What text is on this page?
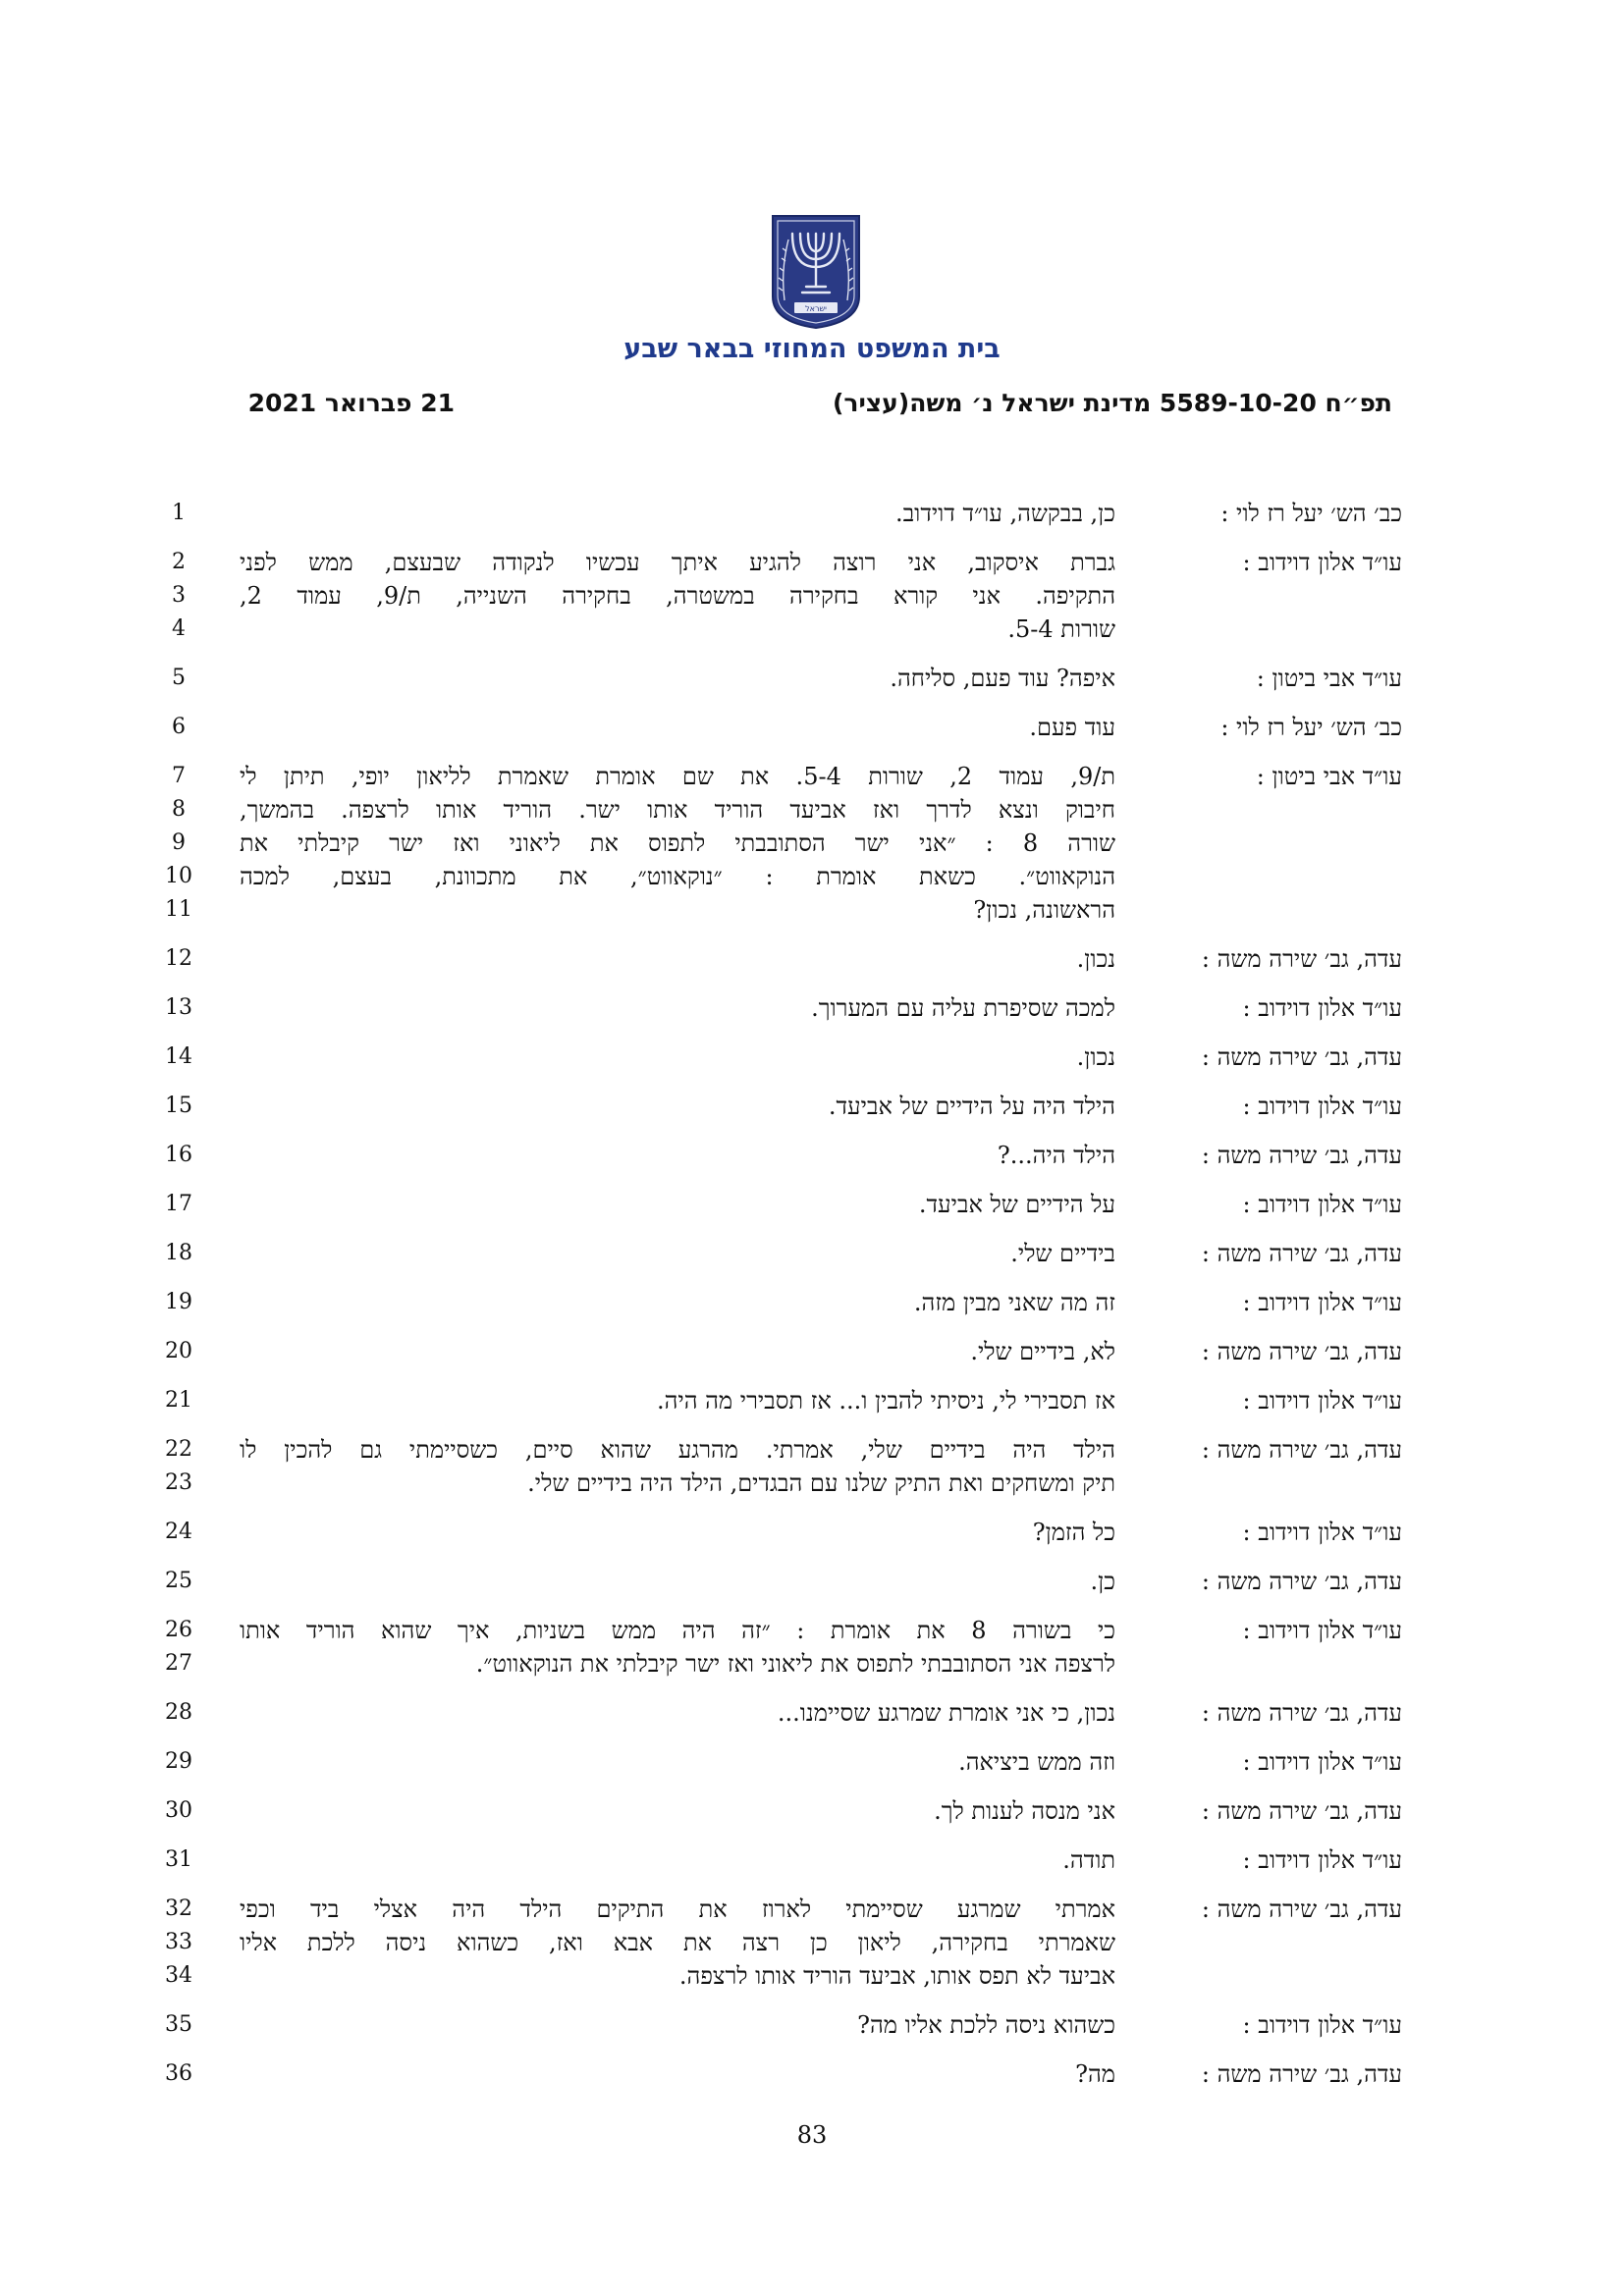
ישראל
בית המשפט המחוזי בבאר שבע
תפ״ח 5589-10-20 מדינת ישראל נ׳ משה(עציר)
21 פברואר 2021
כב׳ הש׳ יעל רז לוי :
כן, בבקשה, עו״ד דוידוב.
1
עו״ד אלון דוידוב :
גברת איסקוב, אני רוצה להגיע איתך עכשיו לנקודה שבעצם, ממש לפני
התקיפה. אני קורא בחקירה במשטרה, בחקירה השנייה, ת/9, עמוד 2,
שורות 5-4.
2
3
4
עו״ד אבי ביטון :
איפה? עוד פעם, סליחה.
5
כב׳ הש׳ יעל רז לוי :
עוד פעם.
6
עו״ד אבי ביטון :
ת/9, עמוד 2, שורות 5-4. את שם אומרת שאמרת לליאון יופי, תיתן לי
חיבוק ונצא לדרך ואז אביעד הוריד אותו ישר. הוריד אותו לרצפה. בהמשך,
שורה 8 : ״אני ישר הסתובבתי לתפוס את ליאוני ואז ישר קיבלתי את
הנוקאווט״. כשאת אומרת : ״נוקאווט״, את מתכוונת, בעצם, למכה
הראשונה, נכון?
7
8
9
10
11
עדה, גב׳ שירה משה :
נכון.
12
עו״ד אלון דוידוב :
למכה שסיפרת עליה עם המערוך.
13
עדה, גב׳ שירה משה :
נכון.
14
עו״ד אלון דוידוב :
הילד היה על הידיים של אביעד.
15
עדה, גב׳ שירה משה :
הילד היה...?
16
עו״ד אלון דוידוב :
על הידיים של אביעד.
17
עדה, גב׳ שירה משה :
בידיים שלי.
18
עו״ד אלון דוידוב :
זה מה שאני מבין מזה.
19
עדה, גב׳ שירה משה :
לא, בידיים שלי.
20
עו״ד אלון דוידוב :
אז תסבירי לי, ניסיתי להבין ו... אז תסבירי מה היה.
21
עדה, גב׳ שירה משה :
הילד היה בידיים שלי, אמרתי. מהרגע שהוא סיים, כשסיימתי גם להכין לו
תיק ומשחקים ואת התיק שלנו עם הבגדים, הילד היה בידיים שלי.
22
23
עו״ד אלון דוידוב :
כל הזמן?
24
עדה, גב׳ שירה משה :
כן.
25
עו״ד אלון דוידוב :
כי בשורה 8 את אומרת : ״זה היה ממש בשניות, איך שהוא הוריד אותו
לרצפה אני הסתובבתי לתפוס את ליאוני ואז ישר קיבלתי את הנוקאווט״.
26
27
עדה, גב׳ שירה משה :
נכון, כי אני אומרת שמרגע שסיימנו...
28
עו״ד אלון דוידוב :
וזה ממש ביציאה.
29
עדה, גב׳ שירה משה :
אני מנסה לענות לך.
30
עו״ד אלון דוידוב :
תודה.
31
עדה, גב׳ שירה משה :
אמרתי שמרגע שסיימתי לארוז את התיקים הילד היה אצלי ביד וכפי
שאמרתי בחקירה, ליאון כן רצה את אבא ואז, כשהוא ניסה ללכת אליו
אביעד לא תפס אותו, אביעד הוריד אותו לרצפה.
32
33
34
עו״ד אלון דוידוב :
כשהוא ניסה ללכת אליו מה?
35
עדה, גב׳ שירה משה :
מה?
36
83
